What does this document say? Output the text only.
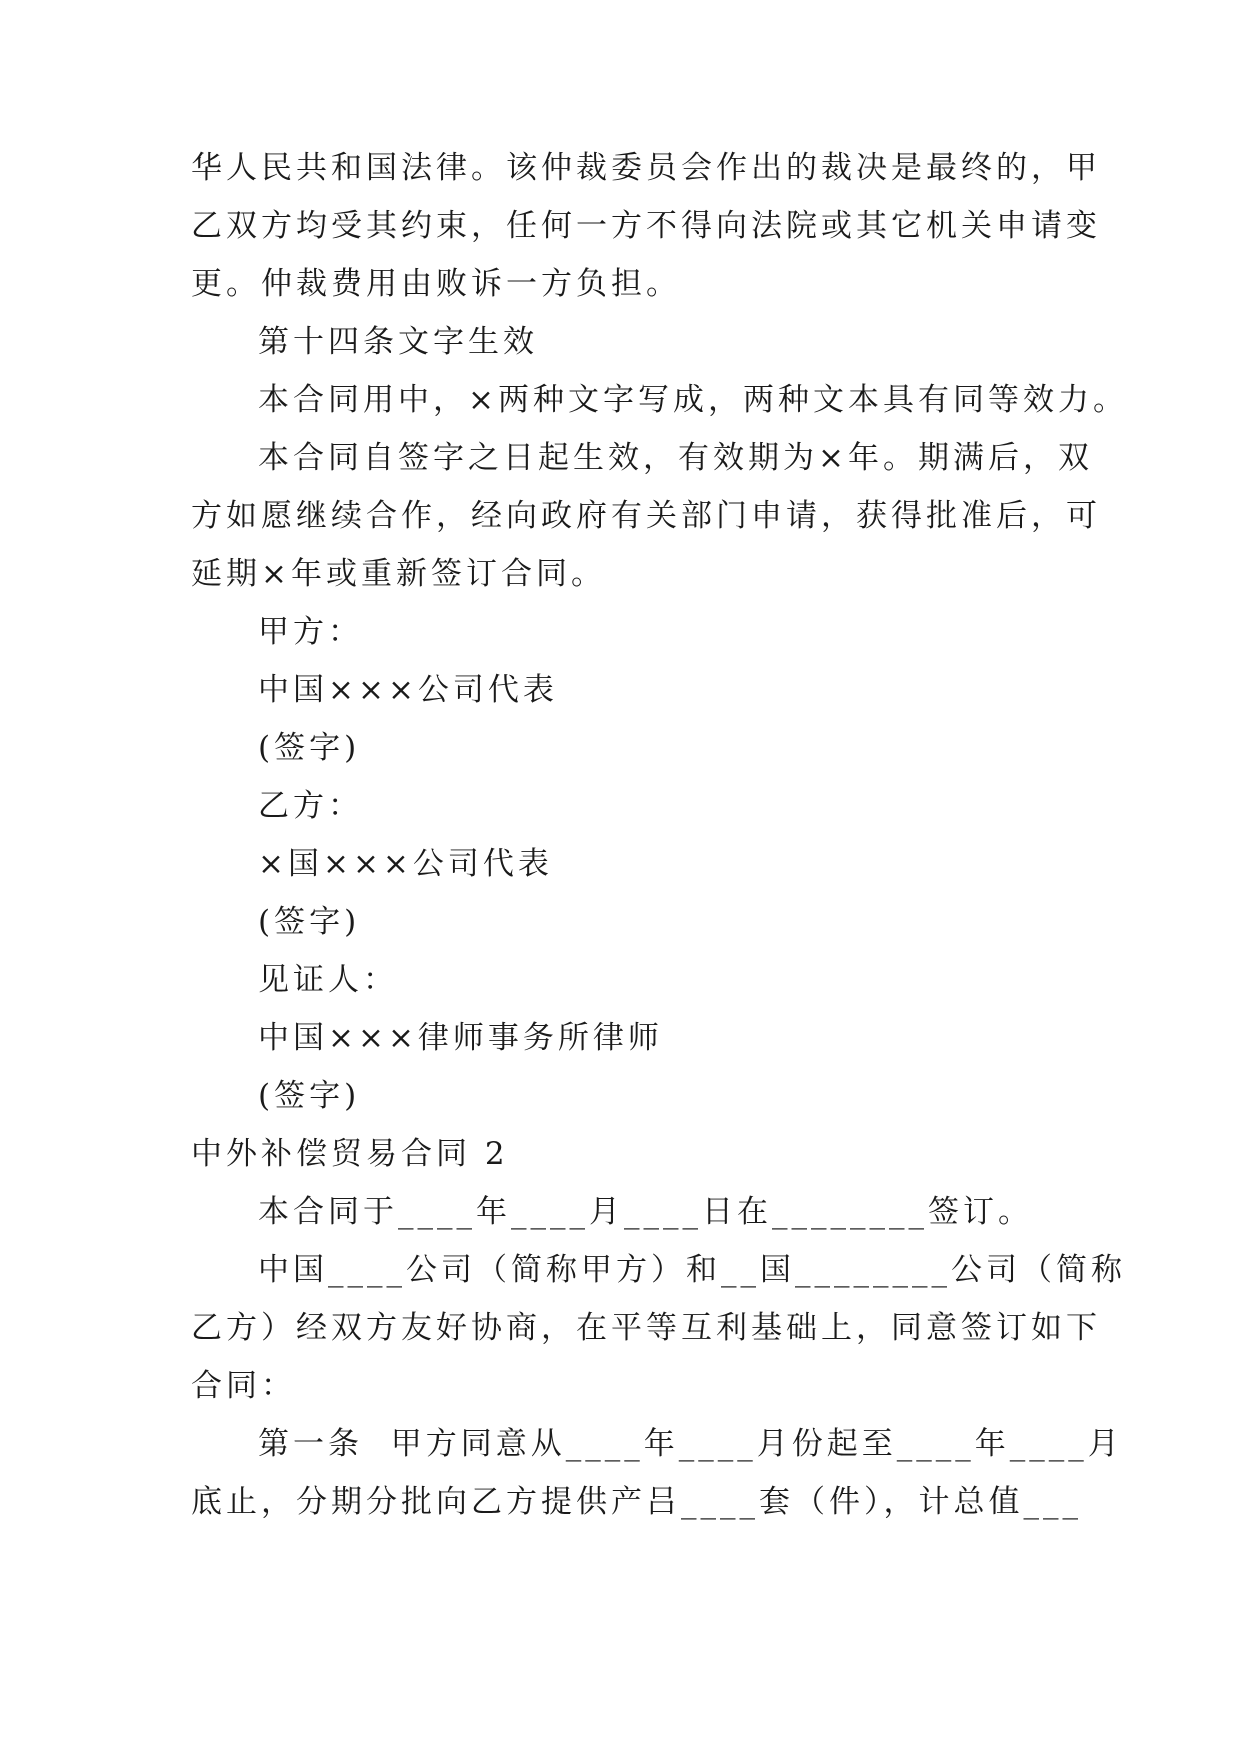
华人民共和国法律。该仲裁委员会作出的裁决是最终的，甲
乙双方均受其约束，任何一方不得向法院或其它机关申请变
更。仲裁费用由败诉一方负担。
第十四条文字生效
本合同用中，×两种文字写成，两种文本具有同等效力。
本合同自签字之日起生效，有效期为×年。期满后，双
方如愿继续合作，经向政府有关部门申请，获得批准后，可
延期×年或重新签订合同。
甲方：
中国×××公司代表
(签字)
乙方：
×国×××公司代表
(签字)
见证人：
中国×××律师事务所律师
(签字)
中外补偿贸易合同 2
本合同于____年____月____日在________签订。
中国____公司（简称甲方）和__国________公司（简称
乙方）经双方友好协商，在平等互利基础上，同意签订如下
合同：
第一条  甲方同意从____年____月份起至____年____月
底止，分期分批向乙方提供产吕____套（件），计总值___
